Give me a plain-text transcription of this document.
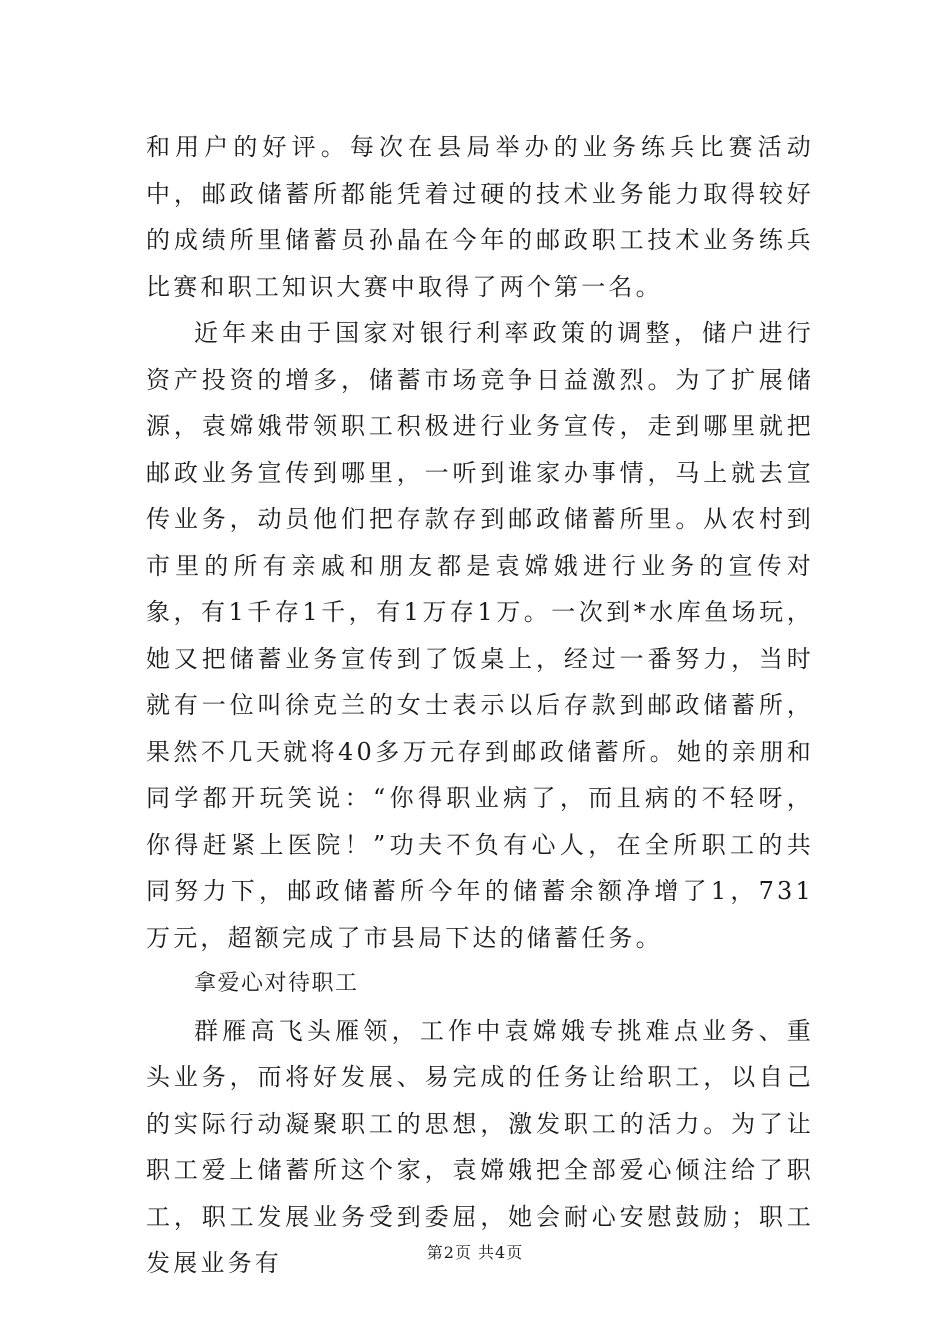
和用户的好评。每次在县局举办的业务练兵比赛活动中，邮政储蓄所都能凭着过硬的技术业务能力取得较好的成绩所里储蓄员孙晶在今年的邮政职工技术业务练兵比赛和职工知识大赛中取得了两个第一名。

近年来由于国家对银行利率政策的调整，储户进行资产投资的增多，储蓄市场竞争日益激烈。为了扩展储源，袁嫦娥带领职工积极进行业务宣传，走到哪里就把邮政业务宣传到哪里，一听到谁家办事情，马上就去宣传业务，动员他们把存款存到邮政储蓄所里。从农村到市里的所有亲戚和朋友都是袁嫦娥进行业务的宣传对象，有1千存1千，有1万存1万。一次到*水库鱼场玩，她又把储蓄业务宣传到了饭桌上，经过一番努力，当时就有一位叫徐克兰的女士表示以后存款到邮政储蓄所，果然不几天就将40多万元存到邮政储蓄所。她的亲朋和同学都开玩笑说：“你得职业病了，而且病的不轻呀，你得赶紧上医院！”功夫不负有心人，在全所职工的共同努力下，邮政储蓄所今年的储蓄余额净增了1，731万元，超额完成了市县局下达的储蓄任务。

拿爱心对待职工

群雁高飞头雁领，工作中袁嫦娥专挑难点业务、重头业务，而将好发展、易完成的任务让给职工，以自己的实际行动凝聚职工的思想，激发职工的活力。为了让职工爱上储蓄所这个家，袁嫦娥把全部爱心倾注给了职工，职工发展业务受到委屈，她会耐心安慰鼓励；职工发展业务有	第2页 共4页
